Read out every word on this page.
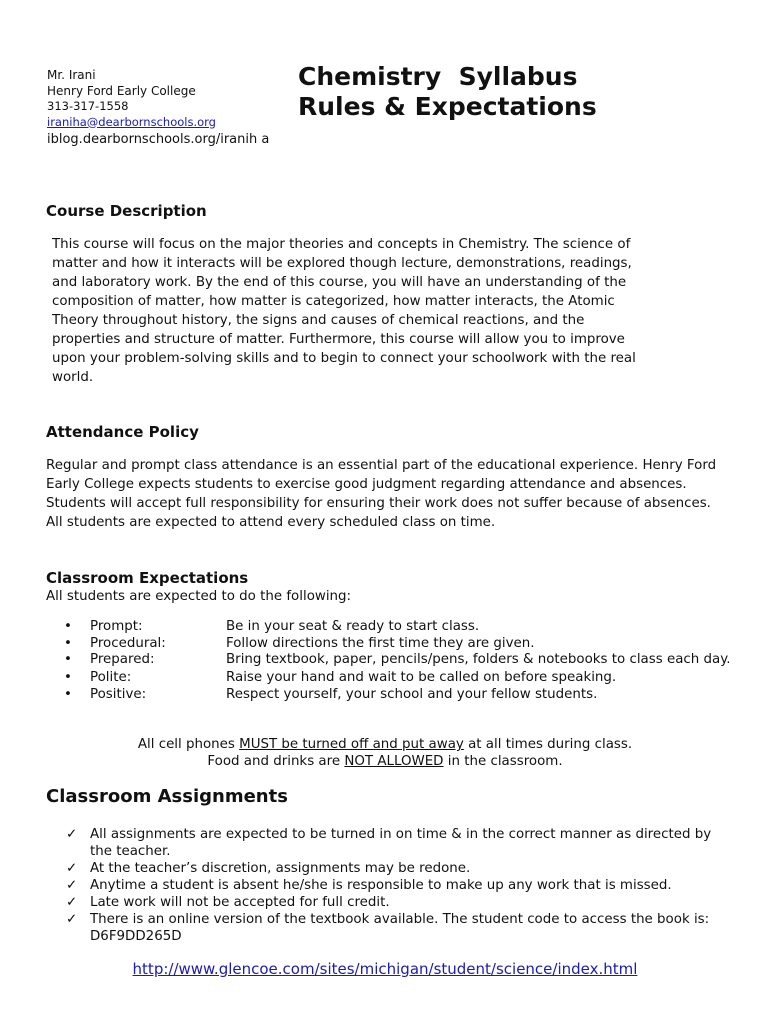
Mr. Irani
Henry Ford Early College
313-317-1558
iraniha@dearbornschools.org
iblog.dearbornschools.org/iranih a
Chemistry  Syllabus
Rules & Expectations
Course Description
This course will focus on the major theories and concepts in Chemistry. The science of matter and how it interacts will be explored though lecture, demonstrations, readings, and laboratory work. By the end of this course, you will have an understanding of the composition of matter, how matter is categorized, how matter interacts, the Atomic Theory throughout history, the signs and causes of chemical reactions, and the properties and structure of matter. Furthermore, this course will allow you to improve upon your problem-solving skills and to begin to connect your schoolwork with the real world.
Attendance Policy
Regular and prompt class attendance is an essential part of the educational experience. Henry Ford Early College expects students to exercise good judgment regarding attendance and absences. Students will accept full responsibility for ensuring their work does not suffer because of absences. All students are expected to attend every scheduled class on time.
Classroom Expectations
All students are expected to do the following:
•	Prompt:	Be in your seat & ready to start class.
•	Procedural:	Follow directions the first time they are given.
•	Prepared:	Bring textbook, paper, pencils/pens, folders & notebooks to class each day.
•	Polite:	Raise your hand and wait to be called on before speaking.
•	Positive:	Respect yourself, your school and your fellow students.
All cell phones MUST be turned off and put away at all times during class.
Food and drinks are NOT ALLOWED in the classroom.
Classroom Assignments
✓ All assignments are expected to be turned in on time & in the correct manner as directed by the teacher.
✓ At the teacher’s discretion, assignments may be redone.
✓ Anytime a student is absent he/she is responsible to make up any work that is missed.
✓ Late work will not be accepted for full credit.
✓ There is an online version of the textbook available. The student code to access the book is:  D6F9DD265D
http://www.glencoe.com/sites/michigan/student/science/index.html
